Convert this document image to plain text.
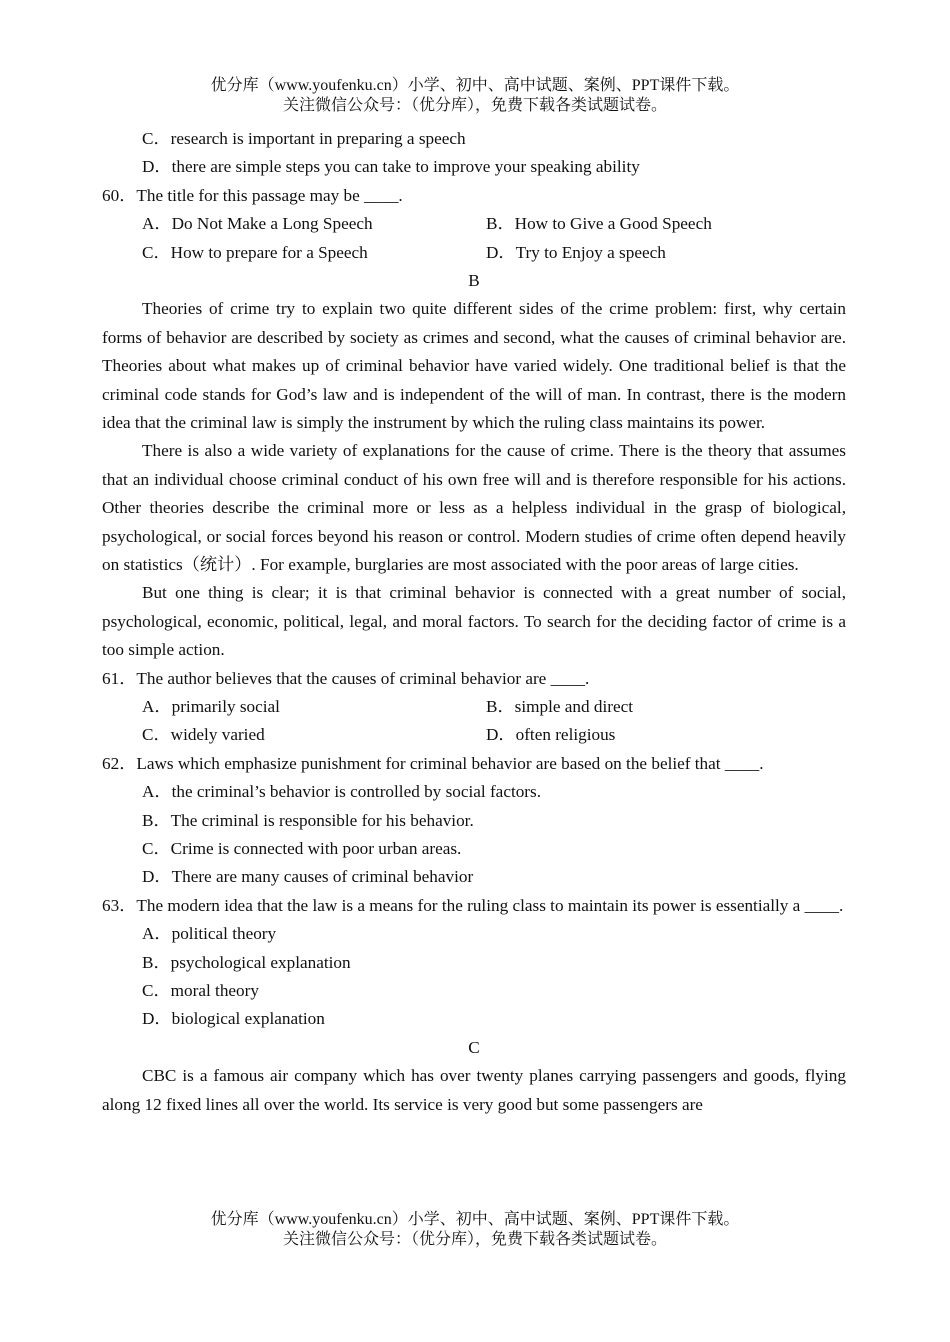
优分库（www.youfenku.cn）小学、初中、高中试题、案例、PPT课件下载。
关注微信公众号：（优分库），免费下载各类试题试卷。
C．research is important in preparing a speech
D．there are simple steps you can take to improve your speaking ability
60．The title for this passage may be ____.
A．Do Not Make a Long Speech	B．How to Give a Good Speech
C．How to prepare for a Speech	D．Try to Enjoy a speech
B

Theories of crime try to explain two quite different sides of the crime problem: first, why certain forms of behavior are described by society as crimes and second, what the causes of criminal behavior are. Theories about what makes up of criminal behavior have varied widely. One traditional belief is that the criminal code stands for God’s law and is independent of the will of man. In contrast, there is the modern idea that the criminal law is simply the instrument by which the ruling class maintains its power.

There is also a wide variety of explanations for the cause of crime. There is the theory that assumes that an individual choose criminal conduct of his own free will and is therefore responsible for his actions. Other theories describe the criminal more or less as a helpless individual in the grasp of biological, psychological, or social forces beyond his reason or control. Modern studies of crime often depend heavily on statistics（统计）. For example, burglaries are most associated with the poor areas of large cities.

But one thing is clear; it is that criminal behavior is connected with a great number of social, psychological, economic, political, legal, and moral factors. To search for the deciding factor of crime is a too simple action.

61．The author believes that the causes of criminal behavior are ____.
A．primarily social	B．simple and direct
C．widely varied	D．often religious
62．Laws which emphasize punishment for criminal behavior are based on the belief that ____.
A．the criminal’s behavior is controlled by social factors.
B．The criminal is responsible for his behavior.
C．Crime is connected with poor urban areas.
D．There are many causes of criminal behavior

63．The modern idea that the law is a means for the ruling class to maintain its power is essentially a ____.

A．political theory
B．psychological explanation
C．moral theory
D．biological explanation
C

CBC is a famous air company which has over twenty planes carrying passengers and goods, flying along 12 fixed lines all over the world. Its service is very good but some passengers are

优分库（www.youfenku.cn）小学、初中、高中试题、案例、PPT课件下载。
关注微信公众号：（优分库），免费下载各类试题试卷。
